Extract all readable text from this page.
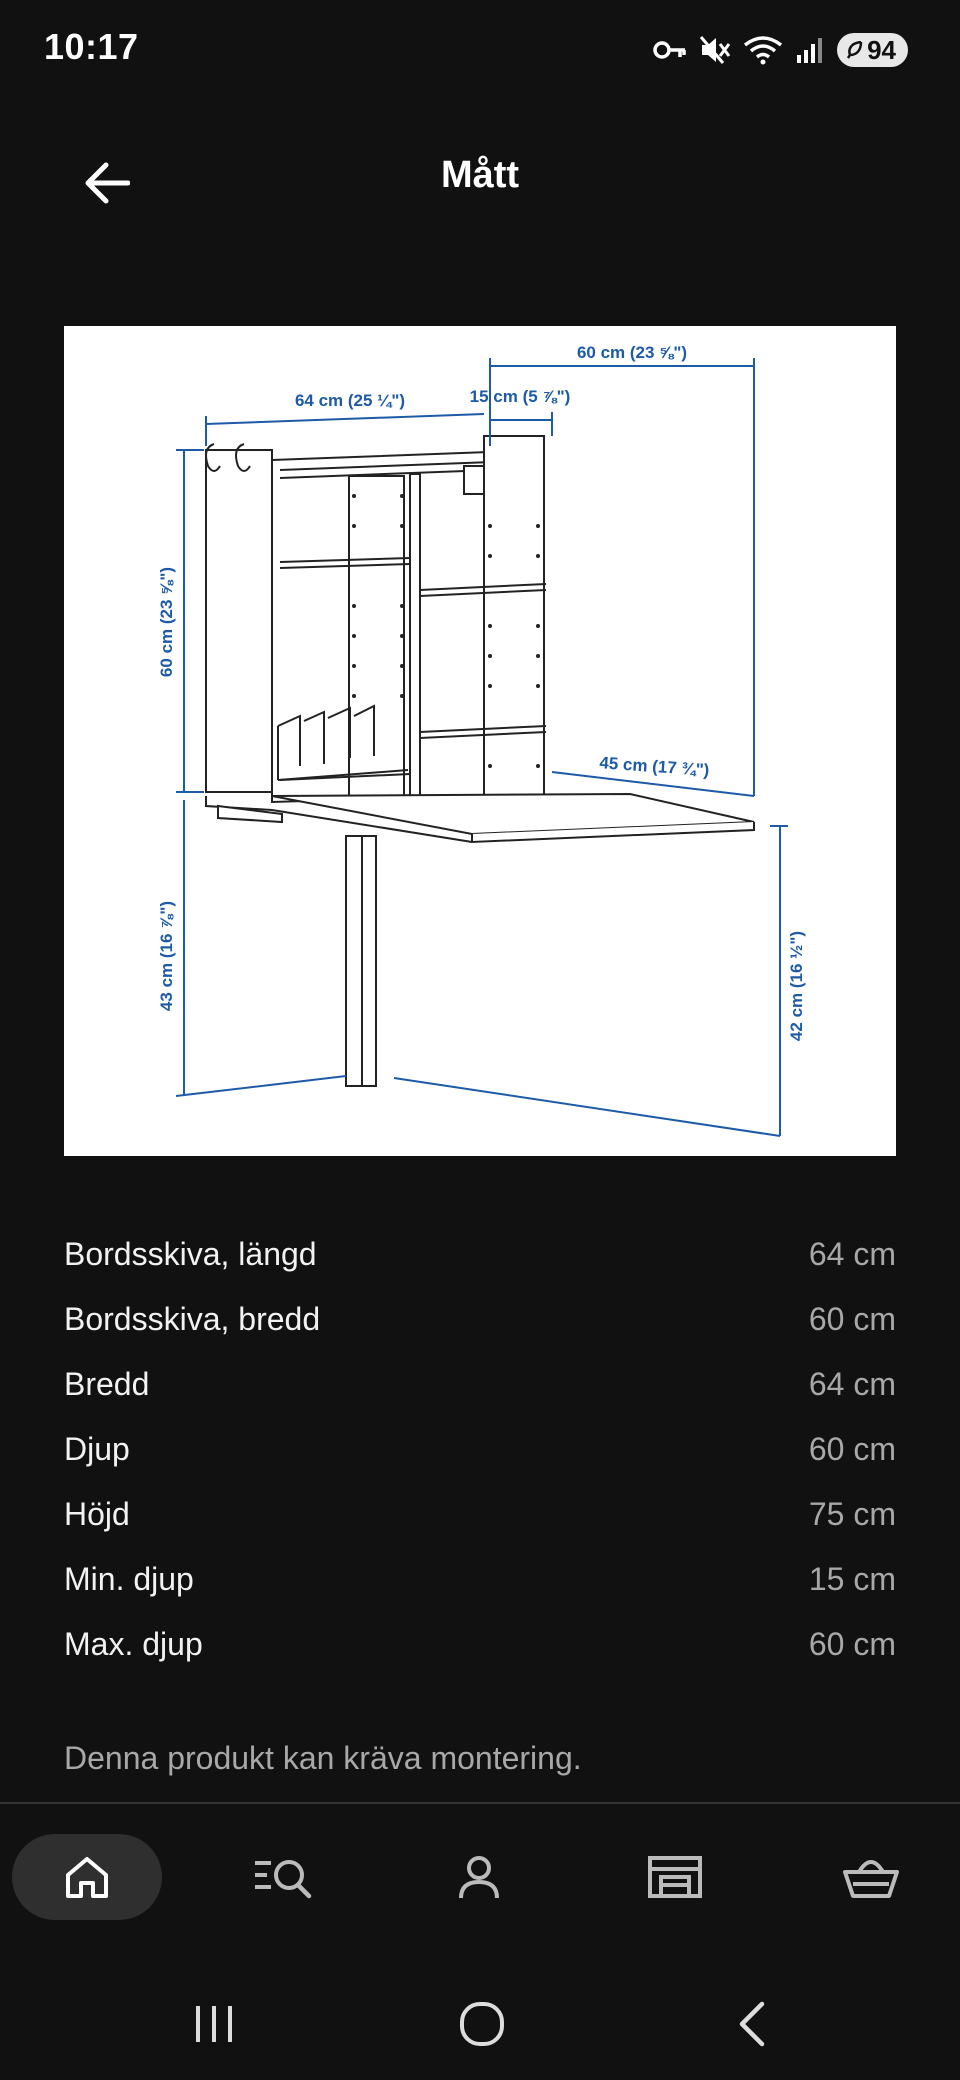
10:17	94
Mått
60 cm (23 ⅝")
64 cm (25 ¼")	15 cm (5 ⅞")
45 cm (17 ¾")
60 cm (23 ⅝")
43 cm (16 ⅞")	42 cm (16 ½")
Bordsskiva, längd	64 cm
Bordsskiva, bredd	60 cm
Bredd	64 cm
Djup	60 cm
Höjd	75 cm
Min. djup	15 cm
Max. djup	60 cm
Denna produkt kan kräva montering.
